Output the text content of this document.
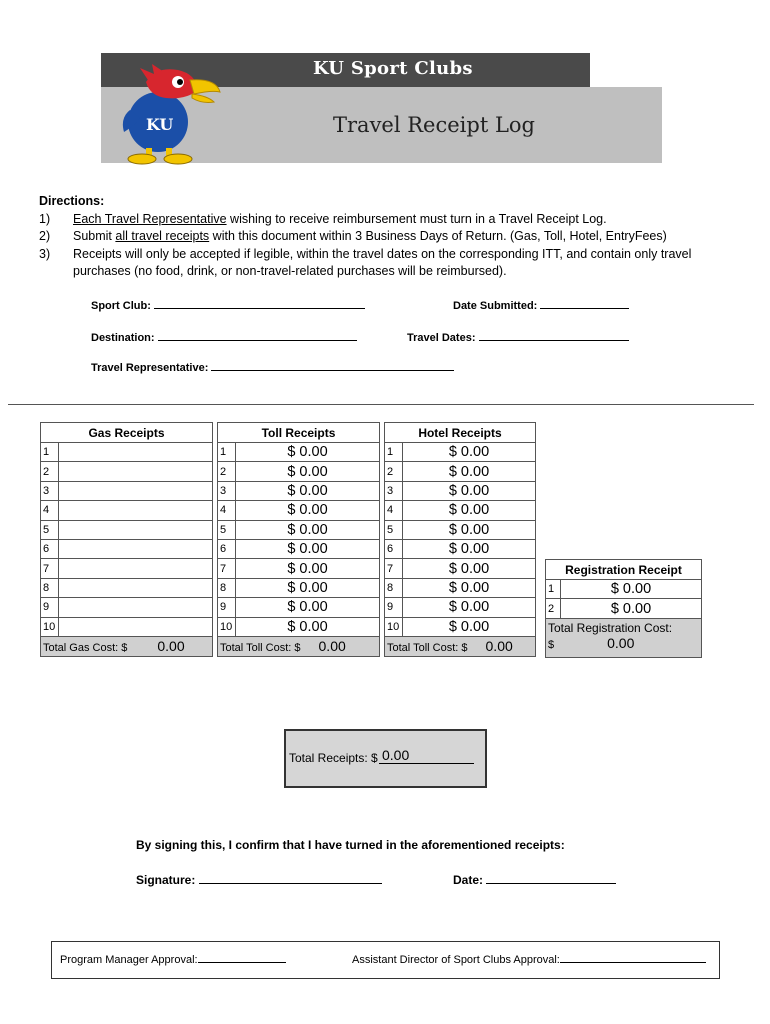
KU Sport Clubs
Travel Receipt Log
KU
Directions:
1) Each Travel Representative wishing to receive reimbursement must turn in a Travel Receipt Log.
2) Submit all travel receipts with this document within 3 Business Days of Return. (Gas, Toll, Hotel, EntryFees)
3) Receipts will only be accepted if legible, within the travel dates on the corresponding ITT, and contain only travel purchases (no food, drink, or non-travel-related purchases will be reimbursed).
Sport Club:	Date Submitted:
Destination:	Travel Dates:
Travel Representative:
Gas Receipts	
1	
2	
3	
4	
5	
6	
7	
8	
9	
10	
Total Gas Cost: $ 0.00	
Toll Receipts	
1	$ 0.00
2	$ 0.00
3	$ 0.00
4	$ 0.00
5	$ 0.00
6	$ 0.00
7	$ 0.00
8	$ 0.00
9	$ 0.00
10	$ 0.00
Total Toll Cost: $ 0.00	
Hotel Receipts	
1	$ 0.00
2	$ 0.00
3	$ 0.00
4	$ 0.00
5	$ 0.00
6	$ 0.00
7	$ 0.00
8	$ 0.00
9	$ 0.00
10	$ 0.00
Total Toll Cost: $ 0.00	
Registration Receipt	
1	$ 0.00
2	$ 0.00

Total Registration Cost:
$ 0.00	
Total Receipts: $ 0.00
By signing this, I confirm that I have turned in the aforementioned receipts:
Signature:	Date:
Program Manager Approval:	Assistant Director of Sport Clubs Approval:
